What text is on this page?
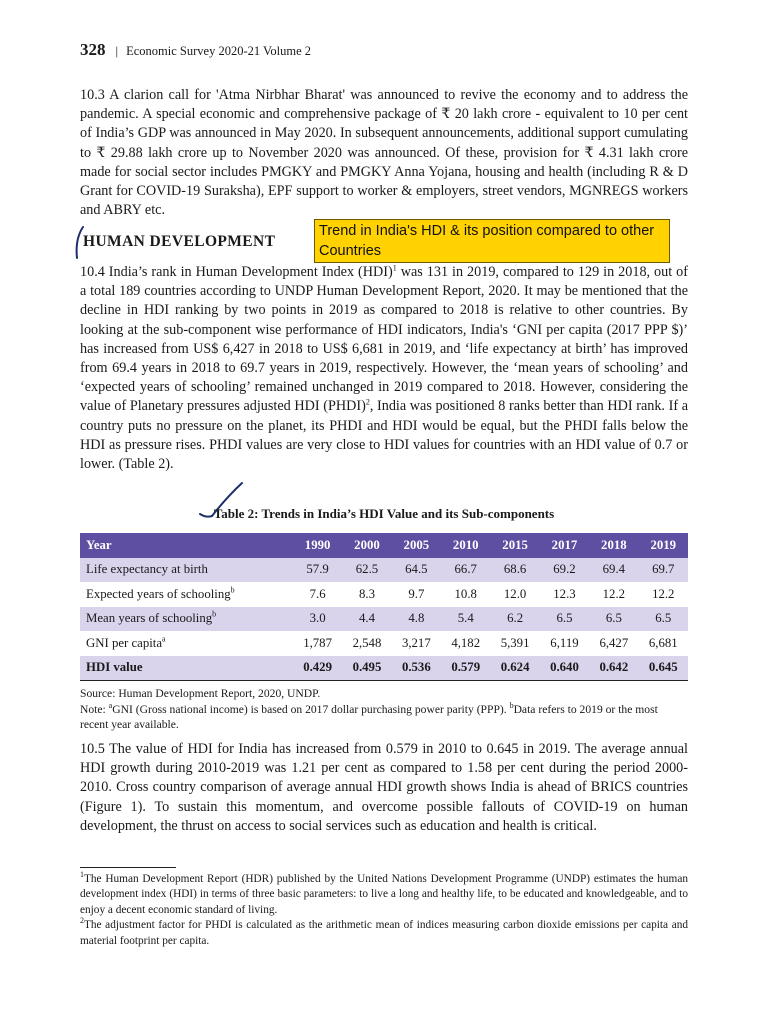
328 | Economic Survey 2020-21 Volume 2
10.3 A clarion call for 'Atma Nirbhar Bharat' was announced to revive the economy and to address the pandemic. A special economic and comprehensive package of ₹ 20 lakh crore - equivalent to 10 per cent of India’s GDP was announced in May 2020. In subsequent announcements, additional support cumulating to ₹ 29.88 lakh crore up to November 2020 was announced. Of these, provision for ₹ 4.31 lakh crore made for social sector includes PMGKY and PMGKY Anna Yojana, housing and health (including R & D Grant for COVID-19 Suraksha), EPF support to worker & employers, street vendors, MGNREGS workers and ABRY etc.
HUMAN DEVELOPMENT
Trend in India's HDI & its position compared to other Countries
10.4 India’s rank in Human Development Index (HDI)$^1$ was 131 in 2019, compared to 129 in 2018, out of a total 189 countries according to UNDP Human Development Report, 2020. It may be mentioned that the decline in HDI ranking by two points in 2019 as compared to 2018 is relative to other countries. By looking at the sub-component wise performance of HDI indicators, India's ‘GNI per capita (2017 PPP $)’ has increased from US$ 6,427 in 2018 to US$ 6,681 in 2019, and ‘life expectancy at birth’ has improved from 69.4 years in 2018 to 69.7 years in 2019, respectively. However, the ‘mean years of schooling’ and ‘expected years of schooling’ remained unchanged in 2019 compared to 2018. However, considering the value of Planetary pressures adjusted HDI (PHDI)$^2$, India was positioned 8 ranks better than HDI rank. If a country puts no pressure on the planet, its PHDI and HDI would be equal, but the PHDI falls below the HDI as pressure rises. PHDI values are very close to HDI values for countries with an HDI value of 0.7 or lower. (Table 2).
Table 2: Trends in India’s HDI Value and its Sub-components
Year	1990	2000	2005	2010	2015	2017	2018	2019
Life expectancy at birth	57.9	62.5	64.5	66.7	68.6	69.2	69.4	69.7
Expected years of schooling$^b$	7.6	8.3	9.7	10.8	12.0	12.3	12.2	12.2
Mean years of schooling$^b$	3.0	4.4	4.8	5.4	6.2	6.5	6.5	6.5
GNI per capita$^a$	1,787	2,548	3,217	4,182	5,391	6,119	6,427	6,681
HDI value	0.429	0.495	0.536	0.579	0.624	0.640	0.642	0.645
Source: Human Development Report, 2020, UNDP.
Note: $^a$GNI (Gross national income) is based on 2017 dollar purchasing power parity (PPP). $^b$Data refers to 2019 or the most recent year available.
10.5 The value of HDI for India has increased from 0.579 in 2010 to 0.645 in 2019. The average annual HDI growth during 2010-2019 was 1.21 per cent as compared to 1.58 per cent during the period 2000-2010. Cross country comparison of average annual HDI growth shows India is ahead of BRICS countries (Figure 1). To sustain this momentum, and overcome possible fallouts of COVID-19 on human development, the thrust on access to social services such as education and health is critical.

$^1$The Human Development Report (HDR) published by the United Nations Development Programme (UNDP) estimates the human development index (HDI) in terms of three basic parameters: to live a long and healthy life, to be educated and knowledgeable, and to enjoy a decent economic standard of living.

$^2$The adjustment factor for PHDI is calculated as the arithmetic mean of indices measuring carbon dioxide emissions per capita and material footprint per capita.
